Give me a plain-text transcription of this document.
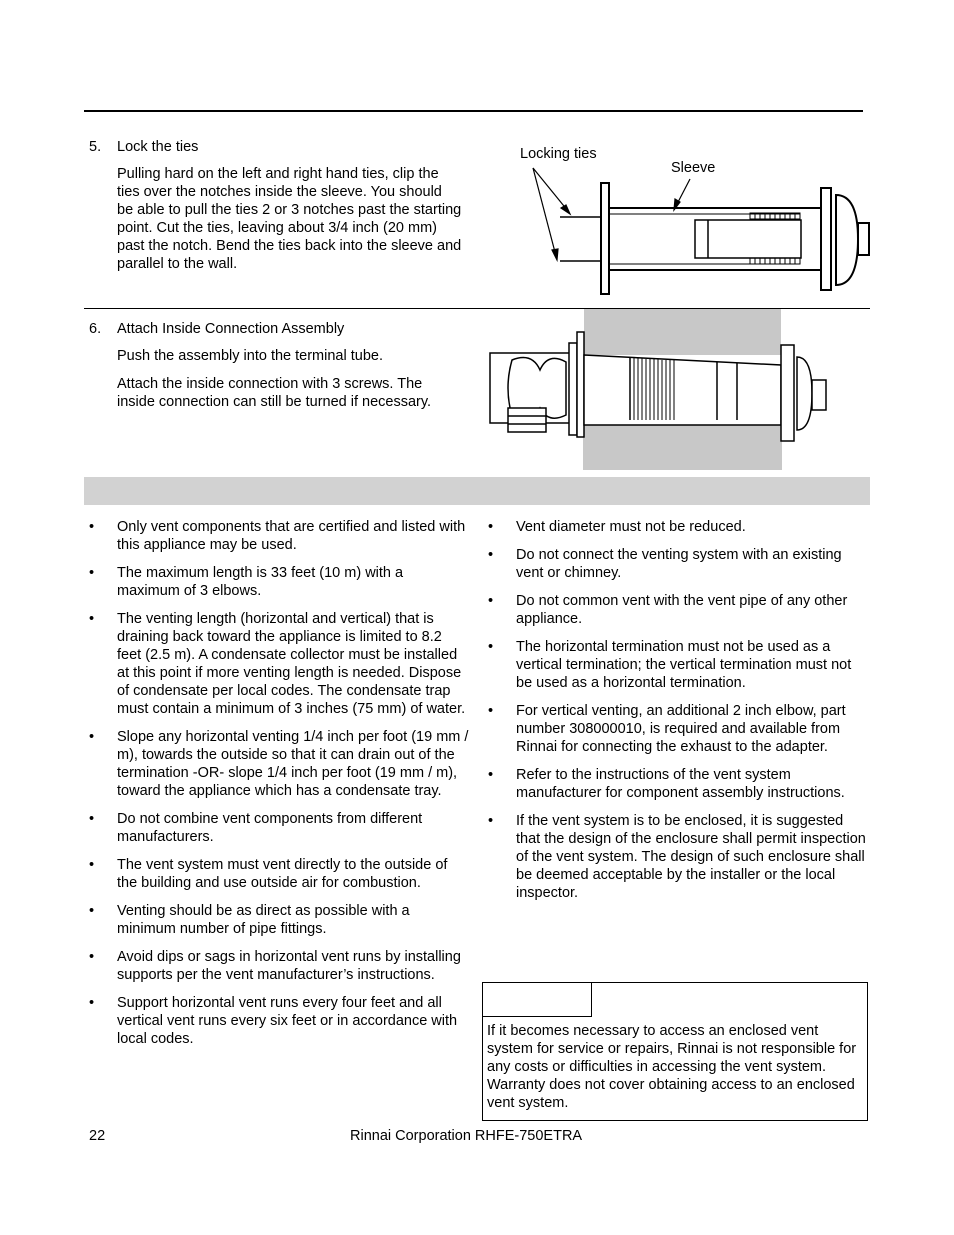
5. Lock the ties
Pulling hard on the left and right hand ties, clip the ties over the notches inside the sleeve. You should be able to pull the ties 2 or 3 notches past the starting point. Cut the ties, leaving about 3/4 inch (20 mm) past the notch. Bend the ties back into the sleeve and parallel to the wall.
Locking ties
Sleeve
6. Attach Inside Connection Assembly
Push the assembly into the terminal tube.
Attach the inside connection with 3 screws. The inside connection can still be turned if necessary.
• Only vent components that are certified and listed with this appliance may be used.
• The maximum length is 33 feet (10 m) with a maximum of 3 elbows.
• The venting length (horizontal and vertical) that is draining back toward the appliance is limited to 8.2 feet (2.5 m). A condensate collector must be installed at this point if more venting length is needed. Dispose of condensate per local codes. The condensate trap must contain a minimum of 3 inches (75 mm) of water.
• Slope any horizontal venting 1/4 inch per foot (19 mm / m), towards the outside so that it can drain out of the termination -OR- slope 1/4 inch per foot (19 mm / m), toward the appliance which has a condensate tray.
• Do not combine vent components from different manufacturers.
• The vent system must vent directly to the outside of the building and use outside air for combustion.
• Venting should be as direct as possible with a minimum number of pipe fittings.
• Avoid dips or sags in horizontal vent runs by installing supports per the vent manufacturer’s instructions.
• Support horizontal vent runs every four feet and all vertical vent runs every six feet or in accordance with local codes.
• Vent diameter must not be reduced.
• Do not connect the venting system with an existing vent or chimney.
• Do not common vent with the vent pipe of any other appliance.
• The horizontal termination must not be used as a vertical termination; the vertical termination must not be used as a horizontal termination.
• For vertical venting, an additional 2 inch elbow, part number 308000010, is required and available from Rinnai for connecting the exhaust to the adapter.
• Refer to the instructions of the vent system manufacturer for component assembly instructions.
• If the vent system is to be enclosed, it is suggested that the design of the enclosure shall permit inspection of the vent system. The design of such enclosure shall be deemed acceptable by the installer or the local inspector.
If it becomes necessary to access an enclosed vent system for service or repairs, Rinnai is not responsible for any costs or difficulties in accessing the vent system. Warranty does not cover obtaining access to an enclosed vent system.
22	Rinnai Corporation RHFE-750ETRA
